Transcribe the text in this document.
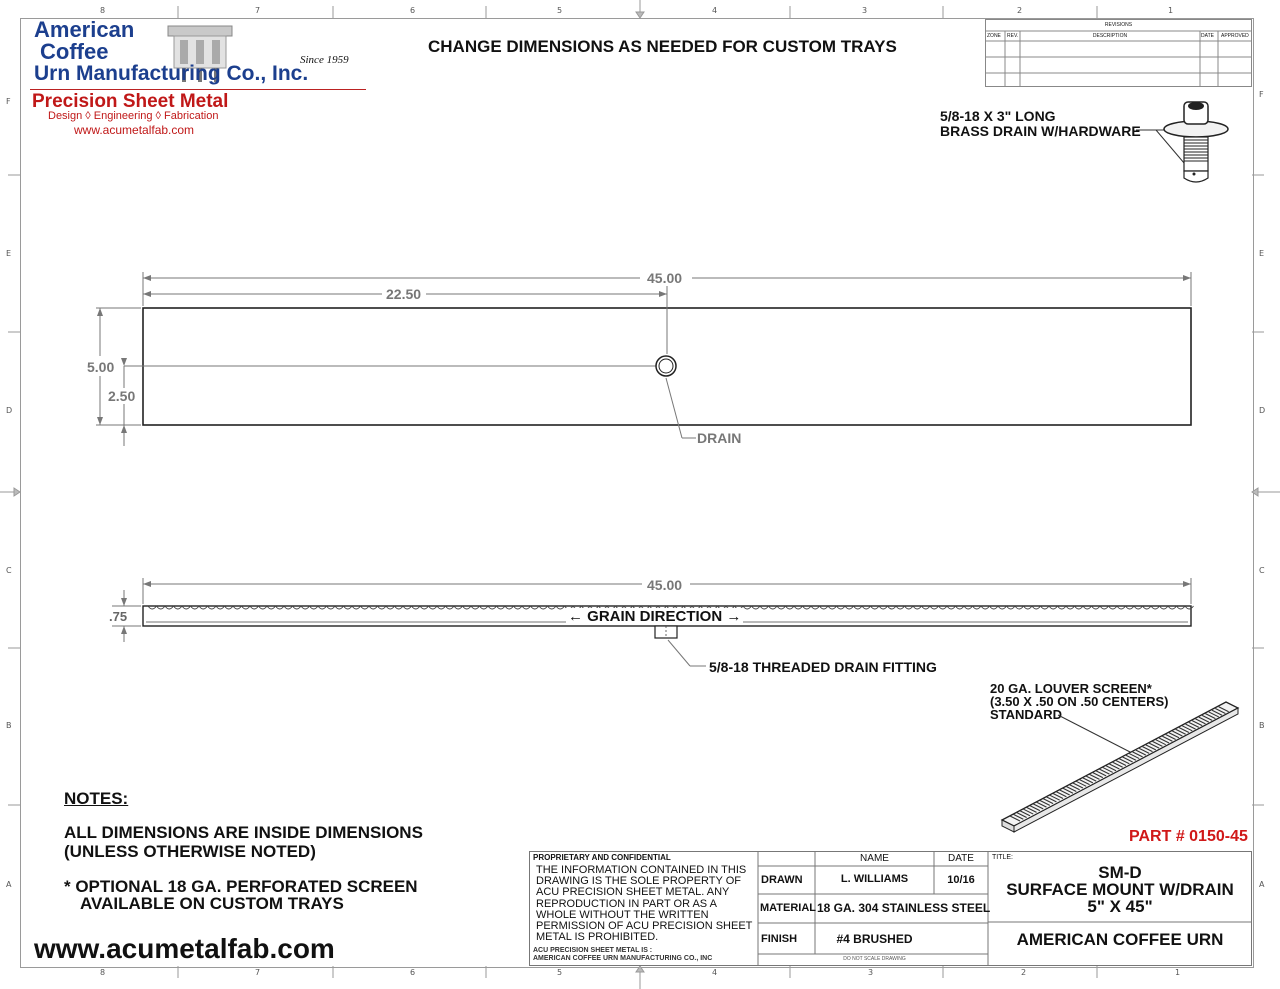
8	7	6	5	4	3	2	1
8	7	6	5	4	3	2	1
F
E
D
C
B
A
F
E
D
C
B
A
American
Coffee
Urn Manufacturing Co., Inc.
Since 1959
Precision Sheet Metal
Design ◊ Engineering ◊ Fabrication
www.acumetalfab.com
CHANGE DIMENSIONS AS NEEDED FOR CUSTOM TRAYS
REVISIONS
ZONE REV.	DESCRIPTION	DATE APPROVED
5/8-18 X 3" LONG
BRASS DRAIN W/HARDWARE
45.00
22.50
5.00
2.50
DRAIN
45.00
.75	← GRAIN DIRECTION →
5/8-18 THREADED DRAIN FITTING
20 GA. LOUVER SCREEN*
(3.50 X .50 ON .50 CENTERS)
STANDARD
PART # 0150-45
NOTES:
ALL DIMENSIONS ARE INSIDE DIMENSIONS
(UNLESS OTHERWISE NOTED)
* OPTIONAL 18 GA. PERFORATED SCREEN
AVAILABLE ON CUSTOM TRAYS
www.acumetalfab.com
PROPRIETARY AND CONFIDENTIAL
THE INFORMATION CONTAINED IN THIS DRAWING IS THE SOLE PROPERTY OF ACU PRECISION SHEET METAL. ANY REPRODUCTION IN PART OR AS A WHOLE WITHOUT THE WRITTEN PERMISSION OF ACU PRECISION SHEET METAL IS PROHIBITED.
ACU PRECISION SHEET METAL IS :
AMERICAN COFFEE URN MANUFACTURING CO., INC
NAME	DATE
DRAWN	L. WILLIAMS	10/16
MATERIAL 18 GA. 304 STAINLESS STEEL
FINISH	#4 BRUSHED
DO NOT SCALE DRAWING
TITLE:
SM-D
SURFACE MOUNT W/DRAIN
5" X 45"
AMERICAN COFFEE URN
